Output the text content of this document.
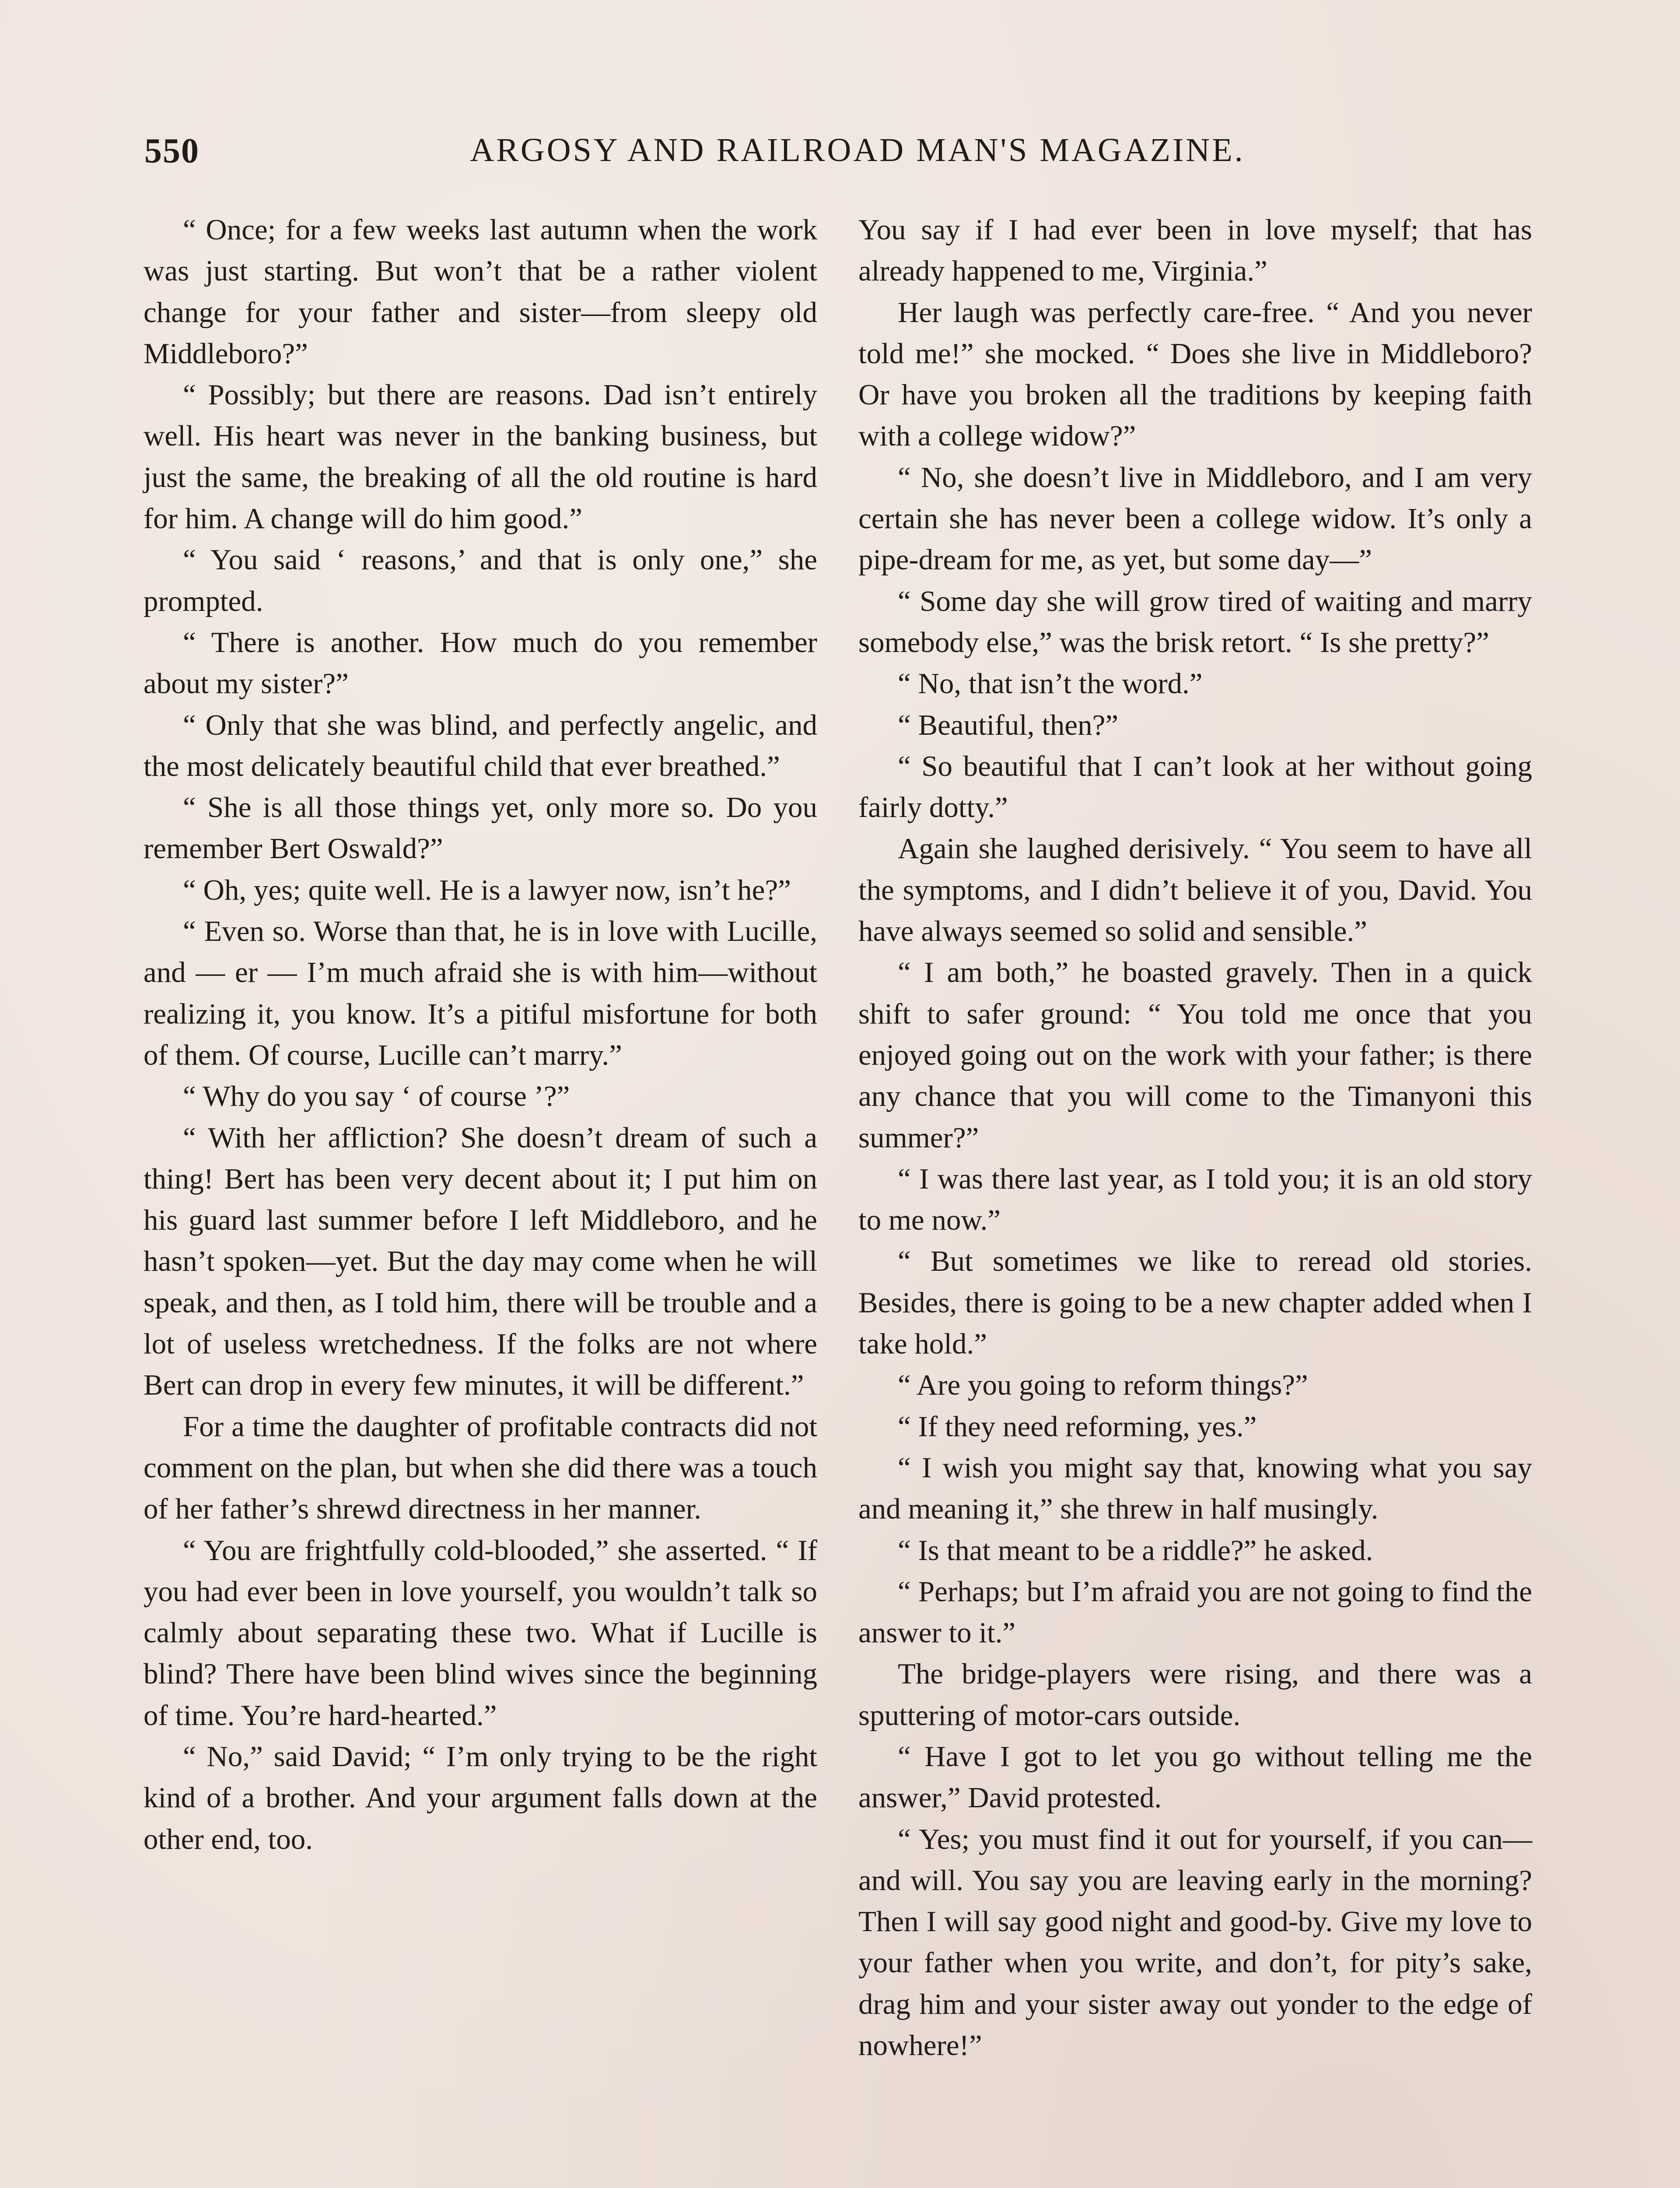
550	ARGOSY AND RAILROAD MAN'S MAGAZINE.

“ Once; for a few weeks last autumn when the work was just starting. But won’t that be a rather violent change for your father and sister—from sleepy old Middleboro?”

“ Possibly; but there are reasons. Dad isn’t entirely well. His heart was never in the banking business, but just the same, the breaking of all the old routine is hard for him. A change will do him good.”

“ You said ‘ reasons,’ and that is only one,” she prompted.

“ There is another. How much do you remember about my sister?”

“ Only that she was blind, and perfectly angelic, and the most delicately beautiful child that ever breathed.”

“ She is all those things yet, only more so. Do you remember Bert Oswald?”

“ Oh, yes; quite well. He is a lawyer now, isn’t he?”

“ Even so. Worse than that, he is in love with Lucille, and — er — I’m much afraid she is with him—without realizing it, you know. It’s a pitiful misfortune for both of them. Of course, Lucille can’t marry.”

“ Why do you say ‘ of course ’?”

“ With her affliction? She doesn’t dream of such a thing! Bert has been very decent about it; I put him on his guard last summer before I left Middleboro, and he hasn’t spoken—yet. But the day may come when he will speak, and then, as I told him, there will be trouble and a lot of useless wretchedness. If the folks are not where Bert can drop in every few minutes, it will be different.”

For a time the daughter of profitable contracts did not comment on the plan, but when she did there was a touch of her father’s shrewd directness in her manner.

“ You are frightfully cold-blooded,” she asserted. “ If you had ever been in love yourself, you wouldn’t talk so calmly about separating these two. What if Lucille is blind? There have been blind wives since the beginning of time. You’re hard-hearted.”

“ No,” said David; “ I’m only trying to be the right kind of a brother. And your argument falls down at the other end, too.

You say if I had ever been in love myself; that has already happened to me, Virginia.”

Her laugh was perfectly care-free. “ And you never told me!” she mocked. “ Does she live in Middleboro? Or have you broken all the traditions by keeping faith with a college widow?”

“ No, she doesn’t live in Middleboro, and I am very certain she has never been a college widow. It’s only a pipe-dream for me, as yet, but some day—”

“ Some day she will grow tired of waiting and marry somebody else,” was the brisk retort. “ Is she pretty?”

“ No, that isn’t the word.”

“ Beautiful, then?”

“ So beautiful that I can’t look at her without going fairly dotty.”

Again she laughed derisively. “ You seem to have all the symptoms, and I didn’t believe it of you, David. You have always seemed so solid and sensible.”

“ I am both,” he boasted gravely. Then in a quick shift to safer ground: “ You told me once that you enjoyed going out on the work with your father; is there any chance that you will come to the Timanyoni this summer?”

“ I was there last year, as I told you; it is an old story to me now.”

“ But sometimes we like to reread old stories. Besides, there is going to be a new chapter added when I take hold.”

“ Are you going to reform things?”

“ If they need reforming, yes.”

“ I wish you might say that, knowing what you say and meaning it,” she threw in half musingly.

“ Is that meant to be a riddle?” he asked.

“ Perhaps; but I’m afraid you are not going to find the answer to it.”

The bridge-players were rising, and there was a sputtering of motor-cars outside.

“ Have I got to let you go without telling me the answer,” David protested.

“ Yes; you must find it out for yourself, if you can—and will. You say you are leaving early in the morning? Then I will say good night and good-by. Give my love to your father when you write, and don’t, for pity’s sake, drag him and your sister away out yonder to the edge of nowhere!”
